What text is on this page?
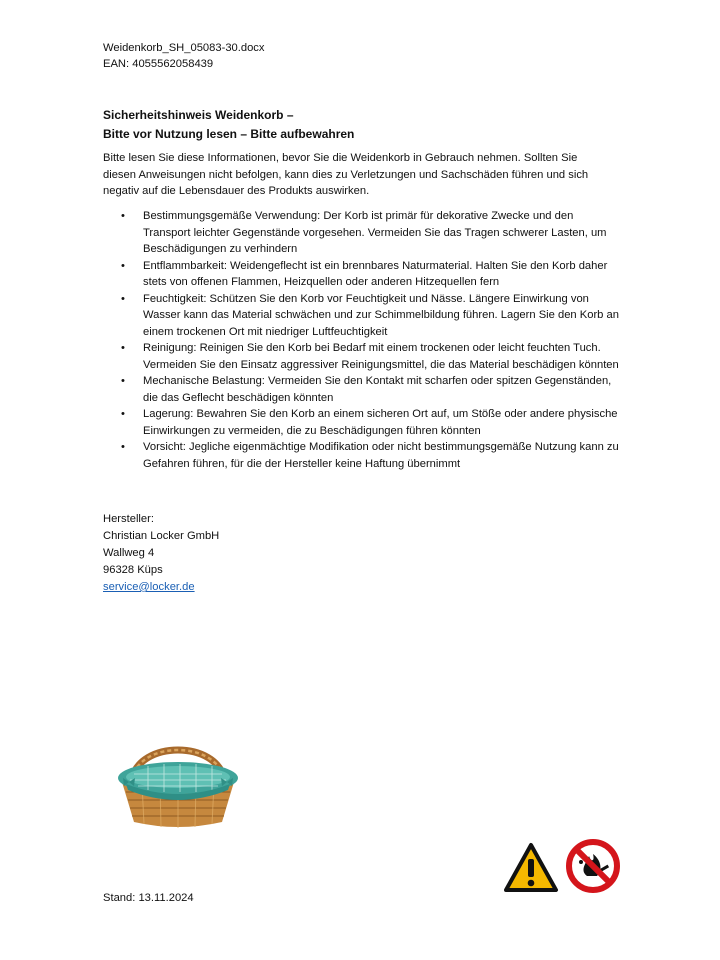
Weidenkorb_SH_05083-30.docx
EAN: 4055562058439
Sicherheitshinweis Weidenkorb –
Bitte vor Nutzung lesen – Bitte aufbewahren
Bitte lesen Sie diese Informationen, bevor Sie die Weidenkorb in Gebrauch nehmen. Sollten Sie diesen Anweisungen nicht befolgen, kann dies zu Verletzungen und Sachschäden führen und sich negativ auf die Lebensdauer des Produkts auswirken.
• Bestimmungsgemäße Verwendung: Der Korb ist primär für dekorative Zwecke und den Transport leichter Gegenstände vorgesehen. Vermeiden Sie das Tragen schwerer Lasten, um Beschädigungen zu verhindern
• Entflammbarkeit: Weidengeflecht ist ein brennbares Naturmaterial. Halten Sie den Korb daher stets von offenen Flammen, Heizquellen oder anderen Hitzequellen fern
• Feuchtigkeit: Schützen Sie den Korb vor Feuchtigkeit und Nässe. Längere Einwirkung von Wasser kann das Material schwächen und zur Schimmelbildung führen. Lagern Sie den Korb an einem trockenen Ort mit niedriger Luftfeuchtigkeit
• Reinigung: Reinigen Sie den Korb bei Bedarf mit einem trockenen oder leicht feuchten Tuch. Vermeiden Sie den Einsatz aggressiver Reinigungsmittel, die das Material beschädigen könnten
• Mechanische Belastung: Vermeiden Sie den Kontakt mit scharfen oder spitzen Gegenständen, die das Geflecht beschädigen könnten
• Lagerung: Bewahren Sie den Korb an einem sicheren Ort auf, um Stöße oder andere physische Einwirkungen zu vermeiden, die zu Beschädigungen führen könnten
• Vorsicht: Jegliche eigenmächtige Modifikation oder nicht bestimmungsgemäße Nutzung kann zu Gefahren führen, für die der Hersteller keine Haftung übernimmt
Hersteller:
Christian Locker GmbH
Wallweg 4
96328 Küps
service@locker.de
Stand: 13.11.2024
